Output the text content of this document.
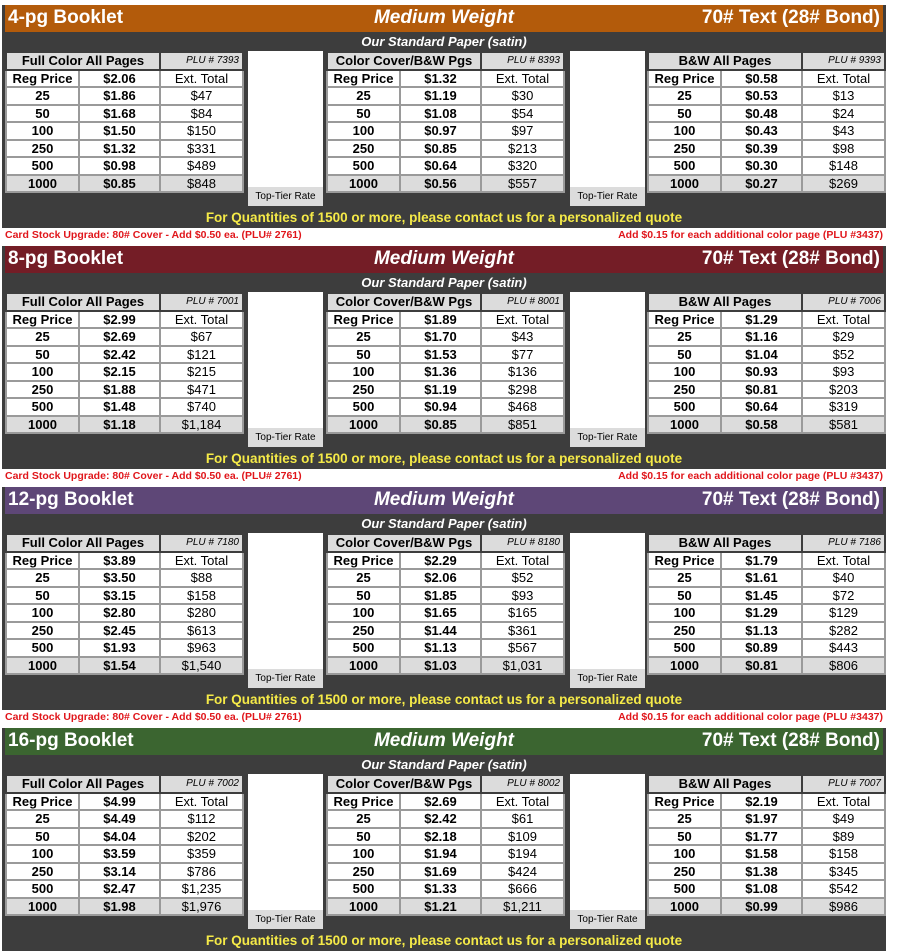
4-pg Booklet	Medium Weight	70# Text (28# Bond)
Our Standard Paper (satin)
Top-Tier Rate	Top-Tier Rate
Full Color All Pages		PLU # 7393
Reg Price	$2.06	Ext. Total
25	$1.86	$47
50	$1.68	$84
100	$1.50	$150
250	$1.32	$331
500	$0.98	$489
1000	$0.85	$848
Color Cover/B&W Pgs		PLU # 8393
Reg Price	$1.32	Ext. Total
25	$1.19	$30
50	$1.08	$54
100	$0.97	$97
250	$0.85	$213
500	$0.64	$320
1000	$0.56	$557
B&W All Pages		PLU # 9393
Reg Price	$0.58	Ext. Total
25	$0.53	$13
50	$0.48	$24
100	$0.43	$43
250	$0.39	$98
500	$0.30	$148
1000	$0.27	$269
For Quantities of 1500 or more, please contact us for a personalized quote
Card Stock Upgrade: 80# Cover - Add $0.50 ea. (PLU# 2761)	Add $0.15 for each additional color page (PLU #3437)
8-pg Booklet	Medium Weight	70# Text (28# Bond)
Our Standard Paper (satin)
Top-Tier Rate	Top-Tier Rate
Full Color All Pages		PLU # 7001
Reg Price	$2.99	Ext. Total
25	$2.69	$67
50	$2.42	$121
100	$2.15	$215
250	$1.88	$471
500	$1.48	$740
1000	$1.18	$1,184
Color Cover/B&W Pgs		PLU # 8001
Reg Price	$1.89	Ext. Total
25	$1.70	$43
50	$1.53	$77
100	$1.36	$136
250	$1.19	$298
500	$0.94	$468
1000	$0.85	$851
B&W All Pages		PLU # 7006
Reg Price	$1.29	Ext. Total
25	$1.16	$29
50	$1.04	$52
100	$0.93	$93
250	$0.81	$203
500	$0.64	$319
1000	$0.58	$581
For Quantities of 1500 or more, please contact us for a personalized quote
Card Stock Upgrade: 80# Cover - Add $0.50 ea. (PLU# 2761)	Add $0.15 for each additional color page (PLU #3437)
12-pg Booklet	Medium Weight	70# Text (28# Bond)
Our Standard Paper (satin)
Top-Tier Rate	Top-Tier Rate
Full Color All Pages		PLU # 7180
Reg Price	$3.89	Ext. Total
25	$3.50	$88
50	$3.15	$158
100	$2.80	$280
250	$2.45	$613
500	$1.93	$963
1000	$1.54	$1,540
Color Cover/B&W Pgs		PLU # 8180
Reg Price	$2.29	Ext. Total
25	$2.06	$52
50	$1.85	$93
100	$1.65	$165
250	$1.44	$361
500	$1.13	$567
1000	$1.03	$1,031
B&W All Pages		PLU # 7186
Reg Price	$1.79	Ext. Total
25	$1.61	$40
50	$1.45	$72
100	$1.29	$129
250	$1.13	$282
500	$0.89	$443
1000	$0.81	$806
For Quantities of 1500 or more, please contact us for a personalized quote
Card Stock Upgrade: 80# Cover - Add $0.50 ea. (PLU# 2761)	Add $0.15 for each additional color page (PLU #3437)
16-pg Booklet	Medium Weight	70# Text (28# Bond)
Our Standard Paper (satin)
Top-Tier Rate	Top-Tier Rate
Full Color All Pages		PLU # 7002
Reg Price	$4.99	Ext. Total
25	$4.49	$112
50	$4.04	$202
100	$3.59	$359
250	$3.14	$786
500	$2.47	$1,235
1000	$1.98	$1,976
Color Cover/B&W Pgs		PLU # 8002
Reg Price	$2.69	Ext. Total
25	$2.42	$61
50	$2.18	$109
100	$1.94	$194
250	$1.69	$424
500	$1.33	$666
1000	$1.21	$1,211
B&W All Pages		PLU # 7007
Reg Price	$2.19	Ext. Total
25	$1.97	$49
50	$1.77	$89
100	$1.58	$158
250	$1.38	$345
500	$1.08	$542
1000	$0.99	$986
For Quantities of 1500 or more, please contact us for a personalized quote
